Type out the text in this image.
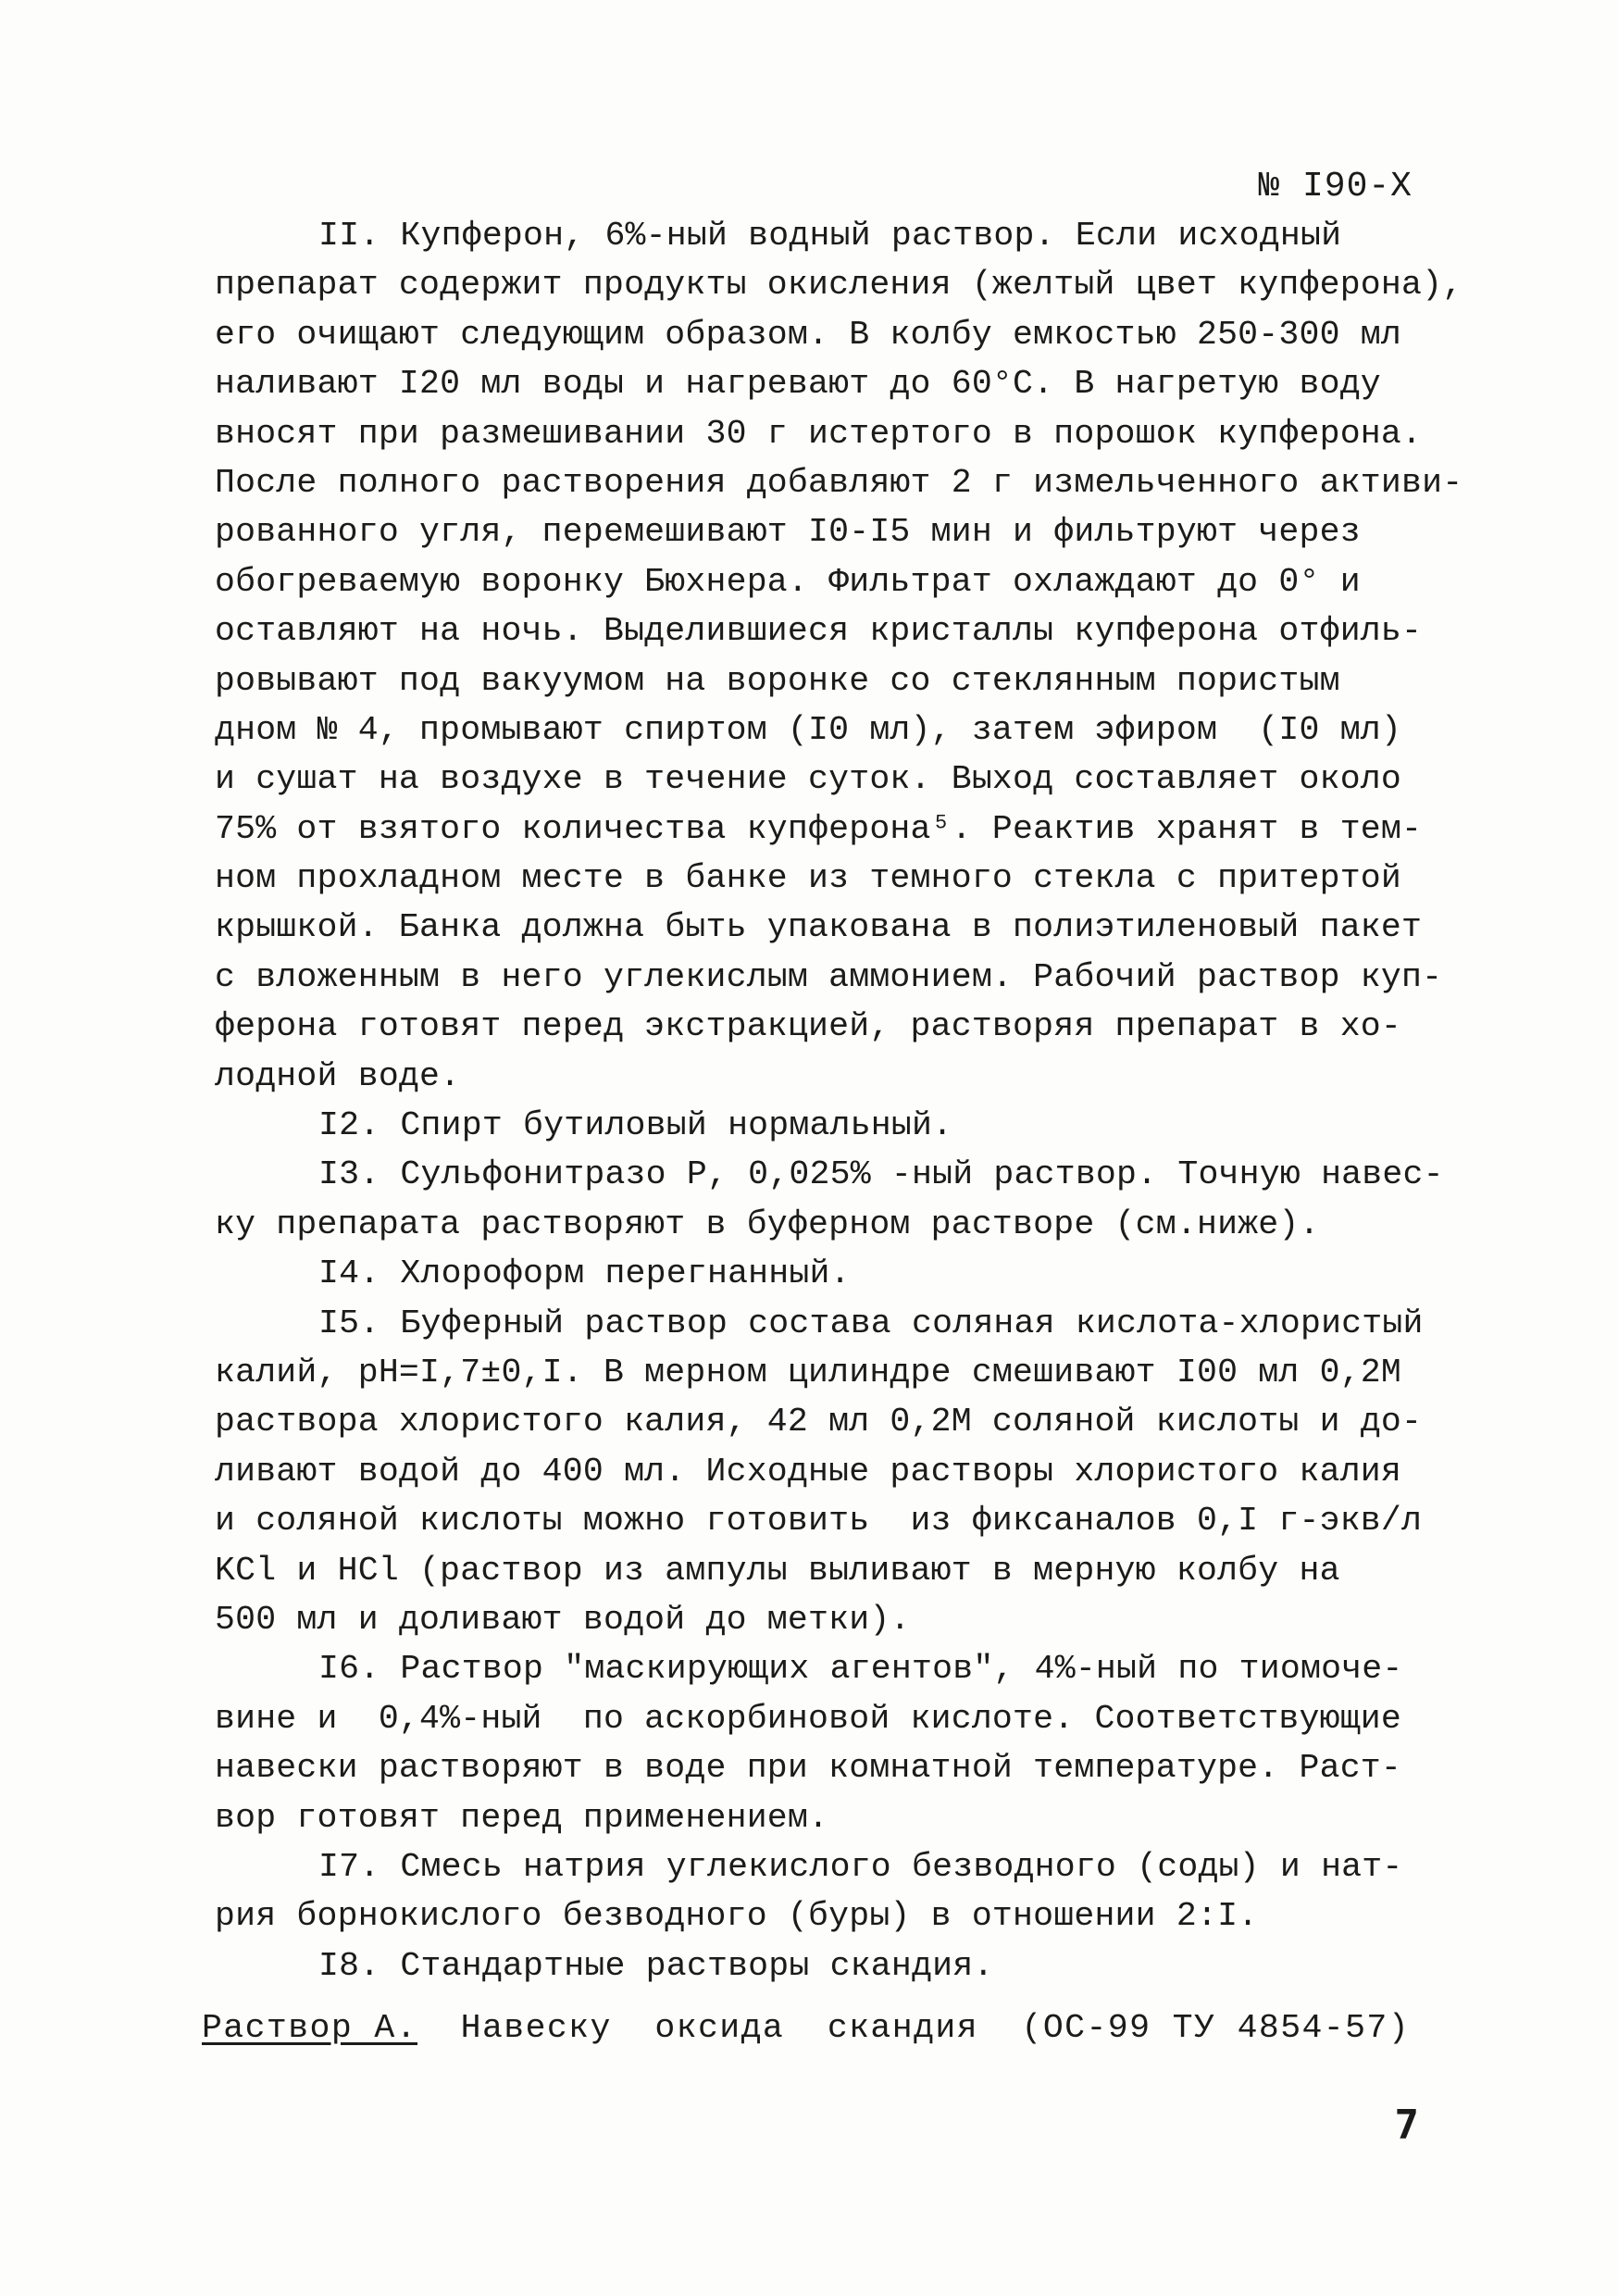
№ I90-X
II. Купферон, 6%-ный водный раствор. Если исходный
препарат содержит продукты окисления (желтый цвет купферона),
его очищают следующим образом. В колбу емкостью 250-300 мл
наливают I20 мл воды и нагревают до 60°C. В нагретую воду
вносят при размешивании 30 г истертого в порошок купферона.
После полного растворения добавляют 2 г измельченного активи-
рованного угля, перемешивают I0-I5 мин и фильтруют через
обогреваемую воронку Бюхнера. Фильтрат охлаждают до 0° и
оставляют на ночь. Выделившиеся кристаллы купферона отфиль-
ровывают под вакуумом на воронке со стеклянным пористым
дном № 4, промывают спиртом (I0 мл), затем эфиром  (I0 мл)
и сушат на воздухе в течение суток. Выход составляет около
75% от взятого количества купферона⁵. Реактив хранят в тем-
ном прохладном месте в банке из темного стекла с притертой
крышкой. Банка должна быть упакована в полиэтиленовый пакет
с вложенным в него углекислым аммонием. Рабочий раствор куп-
ферона готовят перед экстракцией, растворяя препарат в хо-
лодной воде.
I2. Спирт бутиловый нормальный.
I3. Сульфонитразо Р, 0,025% -ный раствор. Точную навес-
ку препарата растворяют в буферном растворе (см.ниже).
I4. Хлороформ перегнанный.
I5. Буферный раствор состава соляная кислота-хлористый
калий, pH=I,7±0,I. В мерном цилиндре смешивают I00 мл 0,2М
раствора хлористого калия, 42 мл 0,2М соляной кислоты и до-
ливают водой до 400 мл. Исходные растворы хлористого калия
и соляной кислоты можно готовить  из фиксаналов 0,I г-экв/л
KCl и HCl (раствор из ампулы выливают в мерную колбу на
500 мл и доливают водой до метки).
I6. Раствор "маскирующих агентов", 4%-ный по тиомоче-
вине и  0,4%-ный  по аскорбиновой кислоте. Соответствующие
навески растворяют в воде при комнатной температуре. Раст-
вор готовят перед применением.
I7. Смесь натрия углекислого безводного (соды) и нат-
рия борнокислого безводного (буры) в отношении 2:I.
I8. Стандартные растворы скандия.
Раствор А.  Навеску  оксида  скандия  (ОС-99 ТУ 4854-57)
7
